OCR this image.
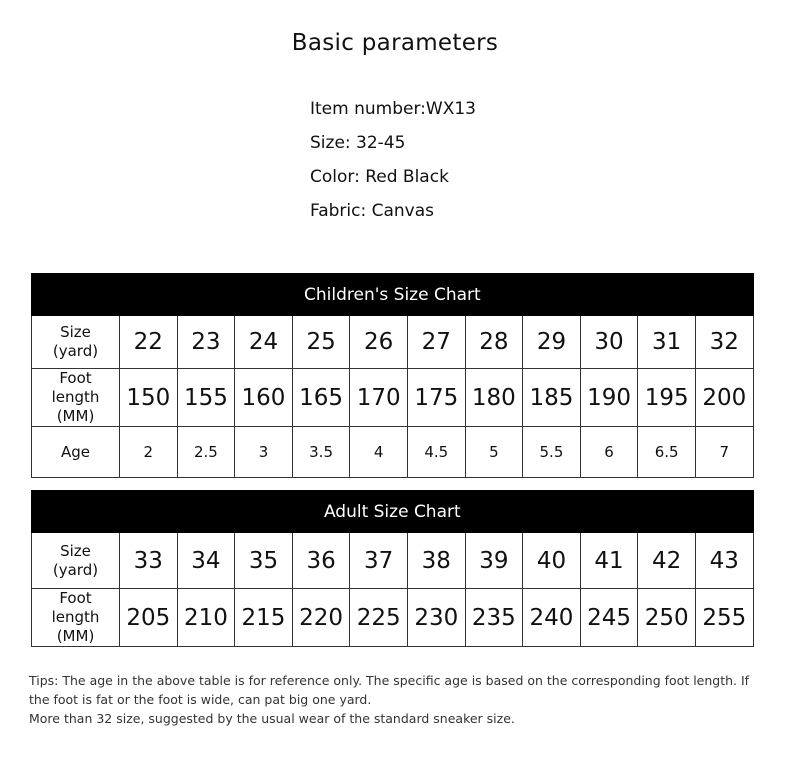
Basic parameters
Item number:WX13
Size: 32-45
Color: Red Black
Fabric: Canvas
Children's Size Chart											

Size
(yard)	22	23	24	25	26	27	28	29	30	31	32

Foot
length (MM)	150	155	160	165	170	175	180	185	190	195	200
Age	2	2.5	3	3.5	4	4.5	5	5.5	6	6.5	7
Adult Size Chart											

Size
(yard)	33	34	35	36	37	38	39	40	41	42	43

Foot
length (MM)	205	210	215	220	225	230	235	240	245	250	255
Tips: The age in the above table is for reference only. The specific age is based on the corresponding foot length. If the foot is fat or the foot is wide, can pat big one yard.
More than 32 size, suggested by the usual wear of the standard sneaker size.
